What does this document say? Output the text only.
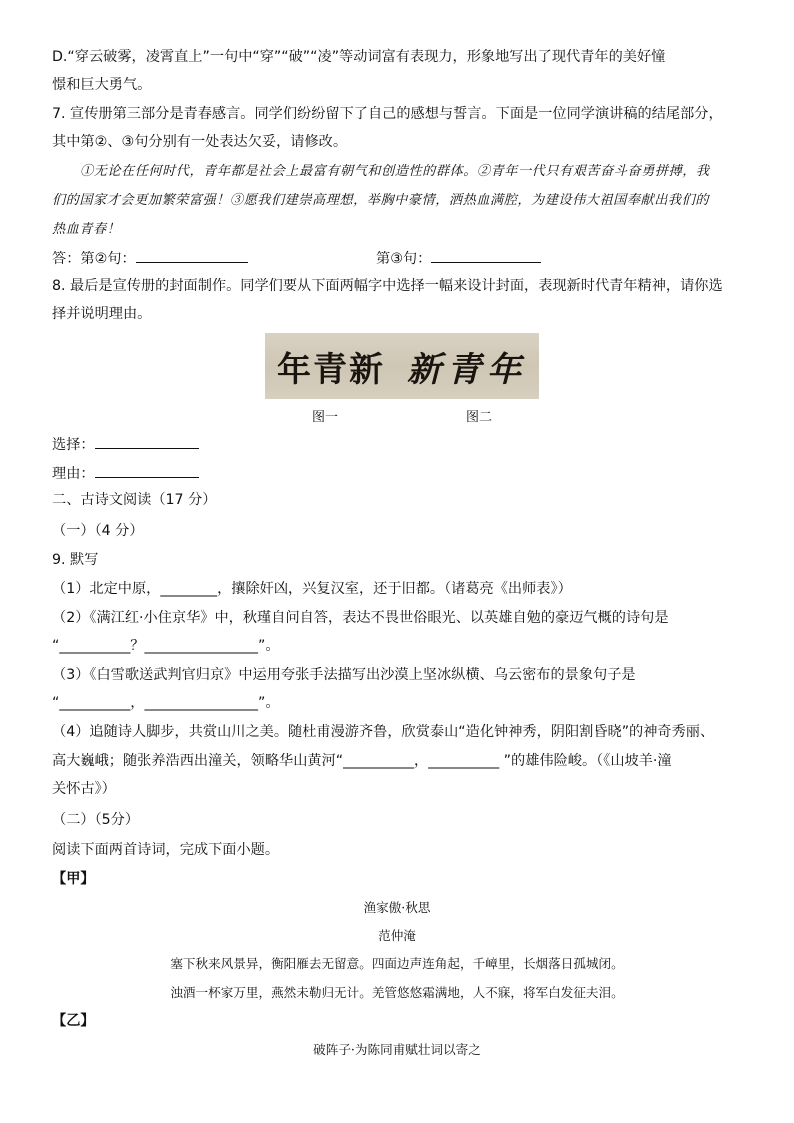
D.“穿云破雾，凌霄直上”一句中“穿”“破”“凌”等动词富有表现力，形象地写出了现代青年的美好憧
憬和巨大勇气。
7. 宣传册第三部分是青春感言。同学们纷纷留下了自己的感想与誓言。下面是一位同学演讲稿的结尾部分，
其中第②、③句分别有一处表达欠妥，请修改。
①无论在任何时代，青年都是社会上最富有朝气和创造性的群体。②青年一代只有艰苦奋斗奋勇拼搏，我
们的国家才会更加繁荣富强！③愿我们建崇高理想，举胸中豪情，洒热血满腔，为建设伟大祖国奉献出我们的
热血青春！
答：第②句：	第③句：
8. 最后是宣传册的封面制作。同学们要从下面两幅字中选择一幅来设计封面，表现新时代青年精神，请你选
择并说明理由。
年青新 新青年
图一	图二
选择：
理由：
二、古诗文阅读（17 分）
（一）（4 分）
9. 默写
（1）北定中原，________，攘除奸凶，兴复汉室，还于旧都。（诸葛亮《出师表》）
（2）《满江红·小住京华》中，秋瑾自问自答，表达不畏世俗眼光、以英雄自勉的豪迈气概的诗句是
“__________？________________”。
（3）《白雪歌送武判官归京》中运用夸张手法描写出沙漠上坚冰纵横、乌云密布的景象句子是
“__________，________________”。
（4）追随诗人脚步，共赏山川之美。随杜甫漫游齐鲁，欣赏泰山“造化钟神秀，阴阳割昏晓”的神奇秀丽、
高大巍峨；随张养浩西出潼关，领略华山黄河“__________，__________ ”的雄伟险峻。（《山坡羊·潼
关怀古》）
（二）（5分）
阅读下面两首诗词，完成下面小题。
【甲】
渔家傲·秋思
范仲淹
塞下秋来风景异，衡阳雁去无留意。四面边声连角起，千嶂里，长烟落日孤城闭。
浊酒一杯家万里，燕然未勒归无计。羌管悠悠霜满地，人不寐，将军白发征夫泪。
【乙】
破阵子·为陈同甫赋壮词以寄之
